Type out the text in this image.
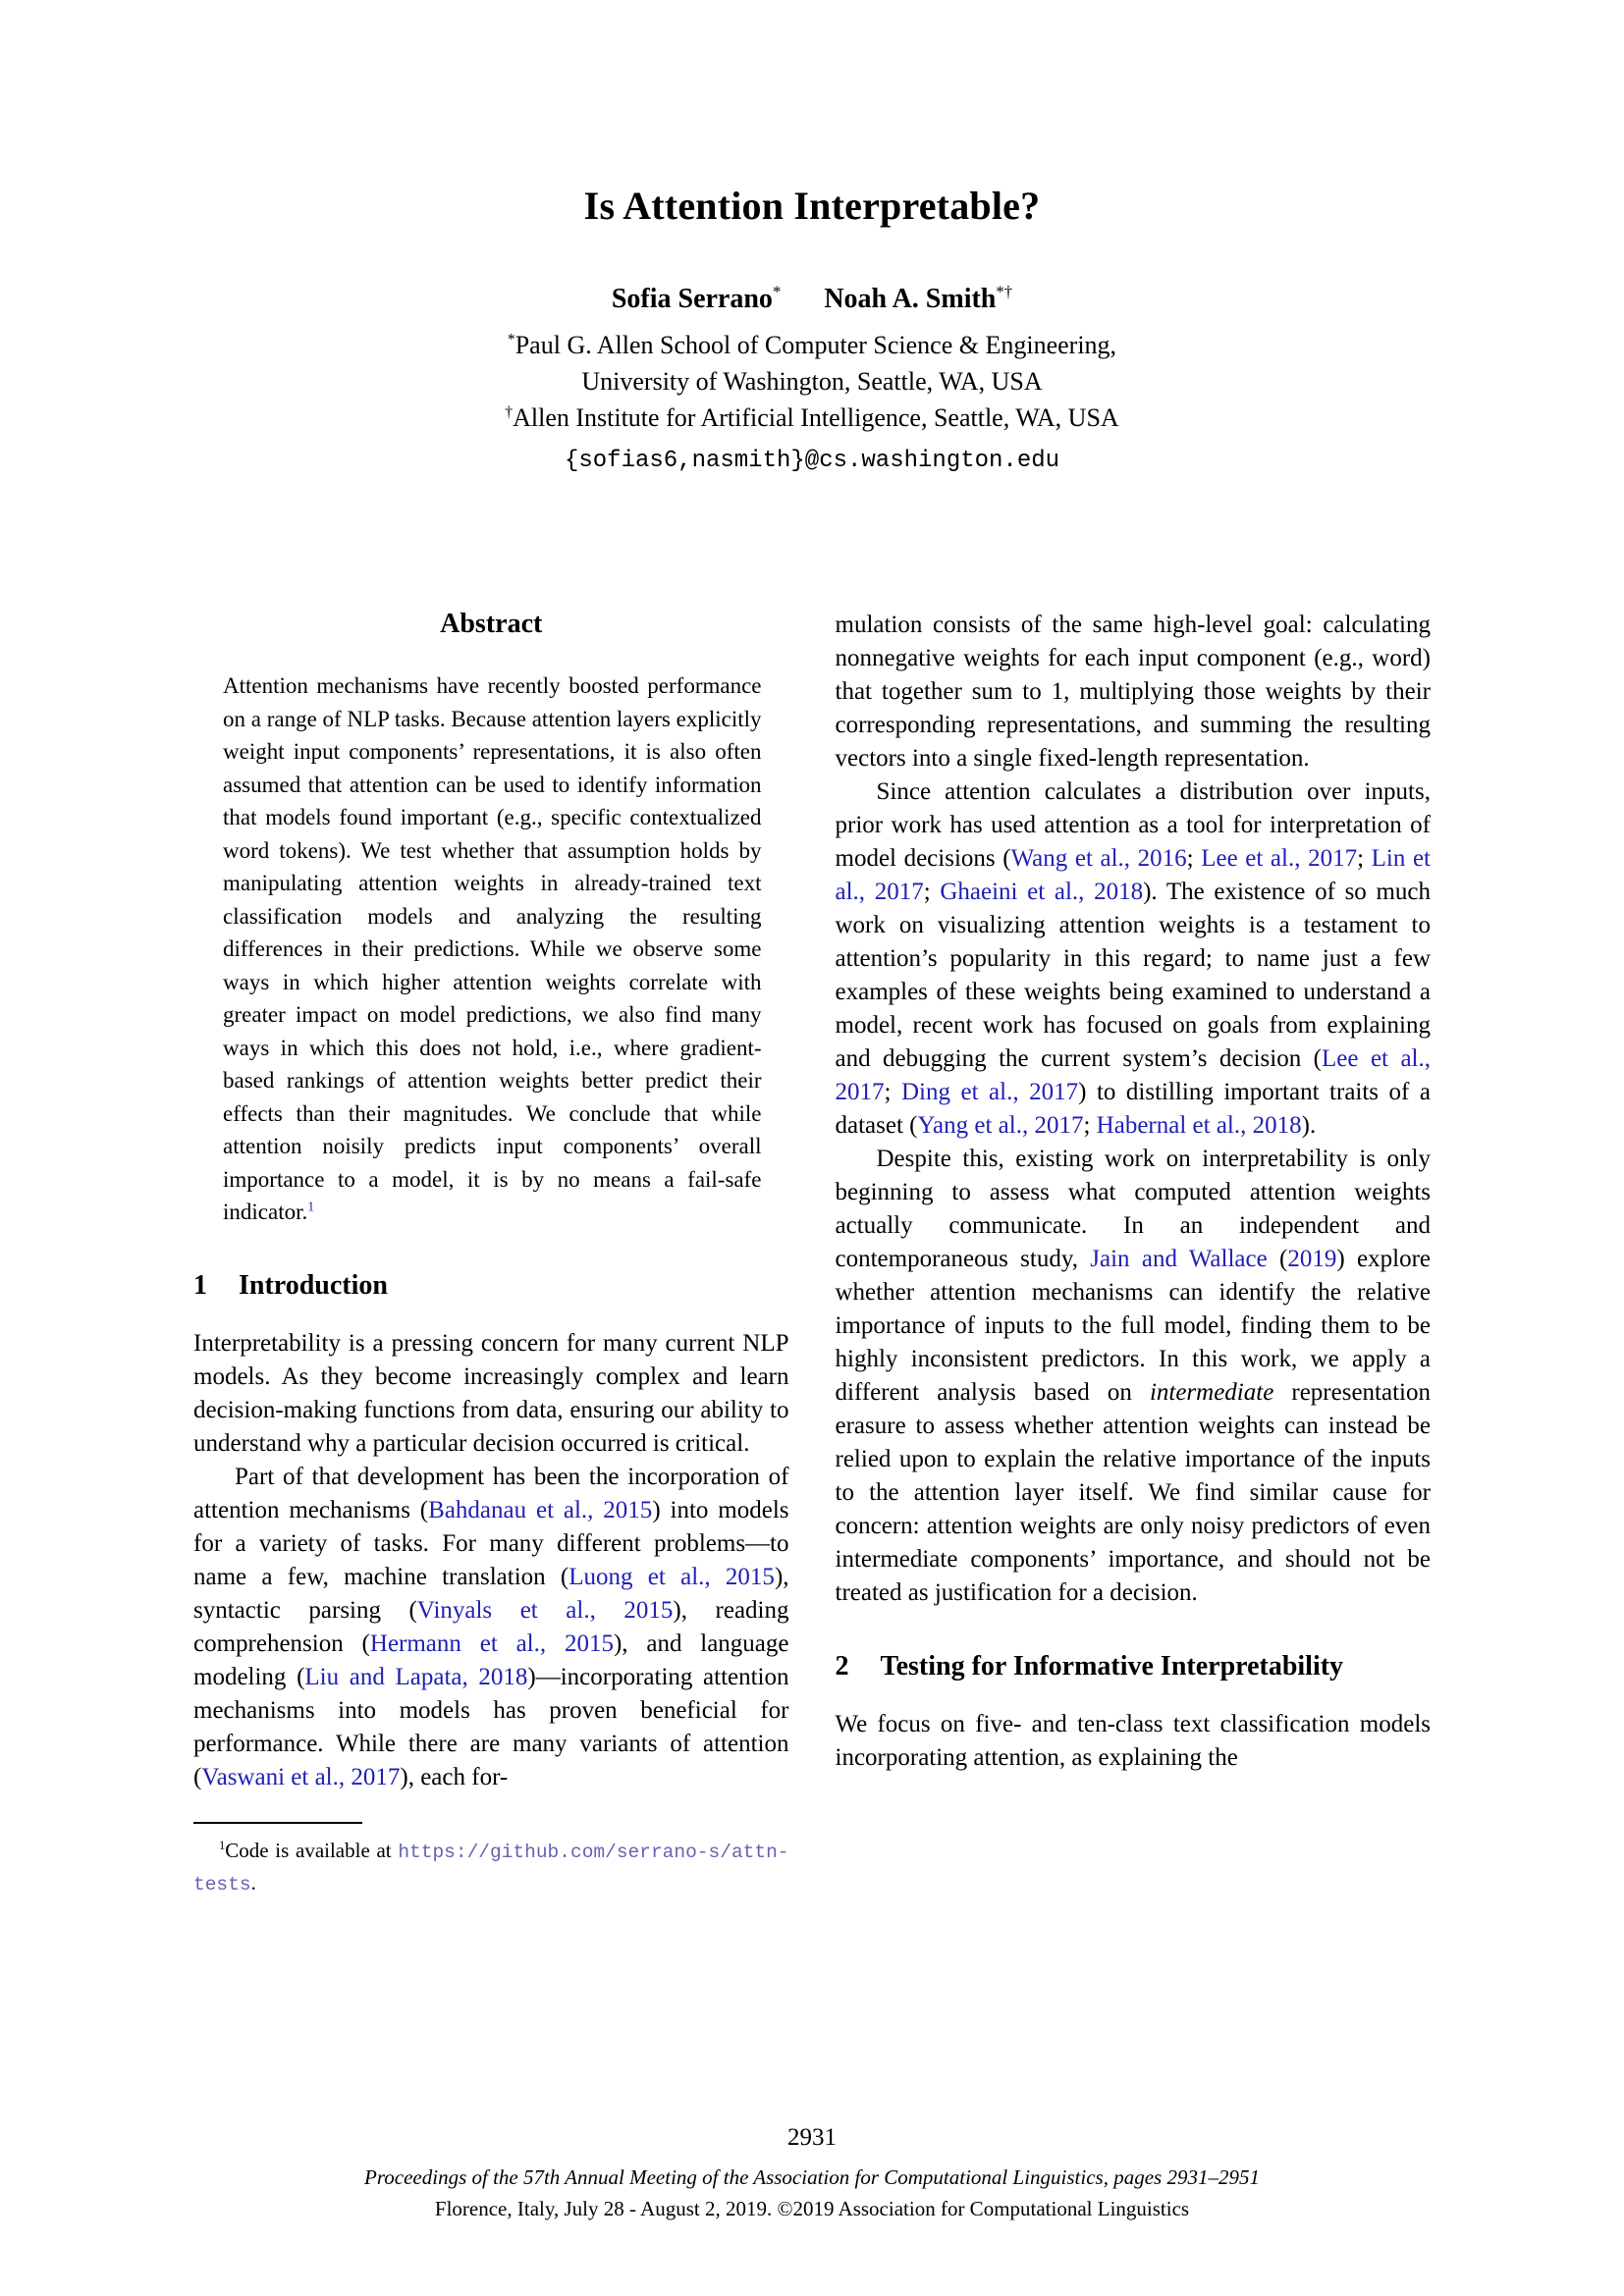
Is Attention Interpretable?
Sofia Serrano* Noah A. Smith*†
*Paul G. Allen School of Computer Science & Engineering,
University of Washington, Seattle, WA, USA
†Allen Institute for Artificial Intelligence, Seattle, WA, USA
{sofias6,nasmith}@cs.washington.edu
Abstract

Attention mechanisms have recently boosted performance on a range of NLP tasks. Because attention layers explicitly weight input components’ representations, it is also often assumed that attention can be used to identify information that models found important (e.g., specific contextualized word tokens). We test whether that assumption holds by manipulating attention weights in already-trained text classification models and analyzing the resulting differences in their predictions. While we observe some ways in which higher attention weights correlate with greater impact on model predictions, we also find many ways in which this does not hold, i.e., where gradient-based rankings of attention weights better predict their effects than their magnitudes. We conclude that while attention noisily predicts input components’ overall importance to a model, it is by no means a fail-safe indicator.$^1$

1 Introduction

Interpretability is a pressing concern for many current NLP models. As they become increasingly complex and learn decision-making functions from data, ensuring our ability to understand why a particular decision occurred is critical.

Part of that development has been the incorporation of attention mechanisms (Bahdanau et al., 2015) into models for a variety of tasks. For many different problems—to name a few, machine translation (Luong et al., 2015), syntactic parsing (Vinyals et al., 2015), reading comprehension (Hermann et al., 2015), and language modeling (Liu and Lapata, 2018)—incorporating attention mechanisms into models has proven beneficial for performance. While there are many variants of attention (Vaswani et al., 2017), each for-

$^1$Code is available at https://github.com/serrano-s/attn-tests.

mulation consists of the same high-level goal: calculating nonnegative weights for each input component (e.g., word) that together sum to 1, multiplying those weights by their corresponding representations, and summing the resulting vectors into a single fixed-length representation.

Since attention calculates a distribution over inputs, prior work has used attention as a tool for interpretation of model decisions (Wang et al., 2016; Lee et al., 2017; Lin et al., 2017; Ghaeini et al., 2018). The existence of so much work on visualizing attention weights is a testament to attention’s popularity in this regard; to name just a few examples of these weights being examined to understand a model, recent work has focused on goals from explaining and debugging the current system’s decision (Lee et al., 2017; Ding et al., 2017) to distilling important traits of a dataset (Yang et al., 2017; Habernal et al., 2018).

Despite this, existing work on interpretability is only beginning to assess what computed attention weights actually communicate. In an independent and contemporaneous study, Jain and Wallace (2019) explore whether attention mechanisms can identify the relative importance of inputs to the full model, finding them to be highly inconsistent predictors. In this work, we apply a different analysis based on intermediate representation erasure to assess whether attention weights can instead be relied upon to explain the relative importance of the inputs to the attention layer itself. We find similar cause for concern: attention weights are only noisy predictors of even intermediate components’ importance, and should not be treated as justification for a decision.

2 Testing for Informative Interpretability

We focus on five- and ten-class text classification models incorporating attention, as explaining the

2931
Proceedings of the 57th Annual Meeting of the Association for Computational Linguistics, pages 2931–2951
Florence, Italy, July 28 - August 2, 2019. ©2019 Association for Computational Linguistics
